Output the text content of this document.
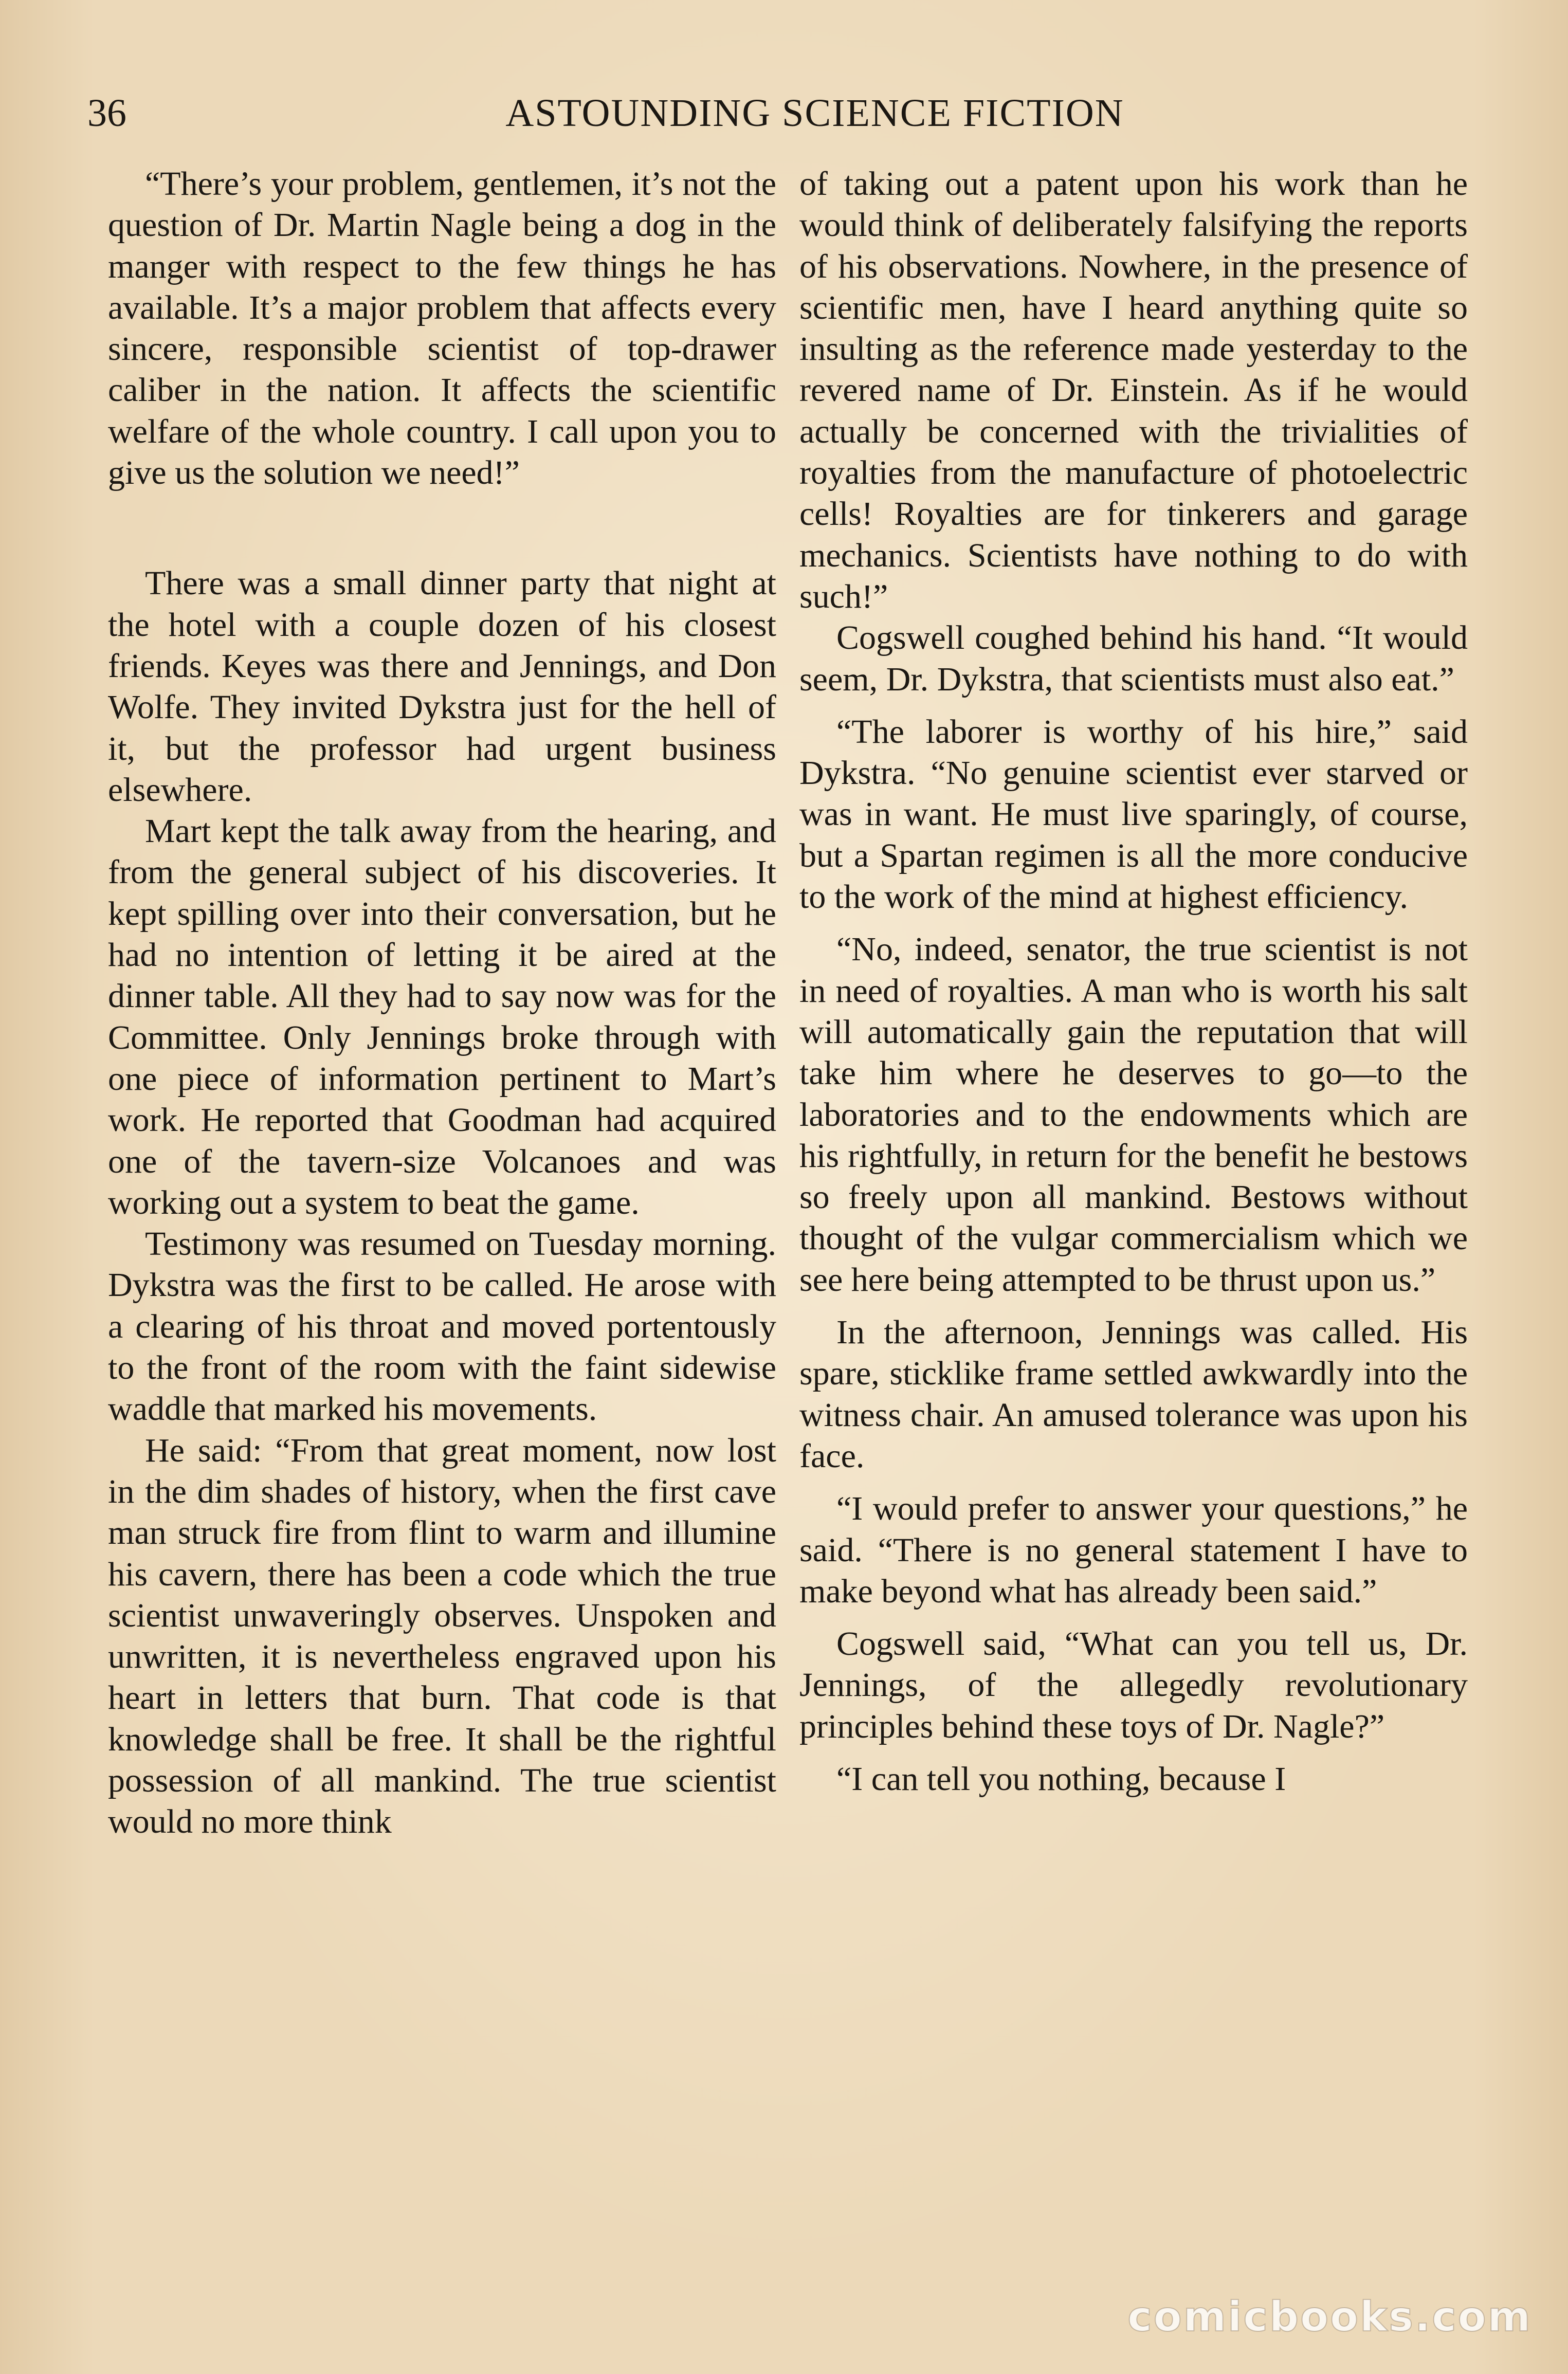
36	ASTOUNDING SCIENCE FICTION

“There’s your problem, gentlemen, it’s not the question of Dr. Martin Nagle being a dog in the manger with respect to the few things he has available. It’s a major problem that affects every sincere, responsible scientist of top-drawer caliber in the nation. It affects the scientific welfare of the whole country. I call upon you to give us the solution we need!”

There was a small dinner party that night at the hotel with a couple dozen of his closest friends. Keyes was there and Jennings, and Don Wolfe. They invited Dykstra just for the hell of it, but the professor had urgent business elsewhere.

Mart kept the talk away from the hearing, and from the general subject of his discoveries. It kept spilling over into their conversation, but he had no intention of letting it be aired at the dinner table. All they had to say now was for the Committee. Only Jennings broke through with one piece of information pertinent to Mart’s work. He reported that Goodman had acquired one of the tavern-size Volcanoes and was working out a system to beat the game.

Testimony was resumed on Tuesday morning. Dykstra was the first to be called. He arose with a clearing of his throat and moved portentously to the front of the room with the faint sidewise waddle that marked his movements.

He said: “From that great moment, now lost in the dim shades of history, when the first cave man struck fire from flint to warm and illumine his cavern, there has been a code which the true scientist unwaveringly observes. Unspoken and unwritten, it is nevertheless engraved upon his heart in letters that burn. That code is that knowledge shall be free. It shall be the rightful possession of all mankind. The true scientist would no more think

of taking out a patent upon his work than he would think of deliberately falsifying the reports of his observations. Nowhere, in the presence of scientific men, have I heard anything quite so insulting as the reference made yesterday to the revered name of Dr. Einstein. As if he would actually be concerned with the trivialities of royalties from the manufacture of photoelectric cells! Royalties are for tinkerers and garage mechanics. Scientists have nothing to do with such!”

Cogswell coughed behind his hand. “It would seem, Dr. Dykstra, that scientists must also eat.”

“The laborer is worthy of his hire,” said Dykstra. “No genuine scientist ever starved or was in want. He must live sparingly, of course, but a Spartan regimen is all the more conducive to the work of the mind at highest efficiency.

“No, indeed, senator, the true scientist is not in need of royalties. A man who is worth his salt will automatically gain the reputation that will take him where he deserves to go—to the laboratories and to the endowments which are his rightfully, in return for the benefit he bestows so freely upon all mankind. Bestows without thought of the vulgar commercialism which we see here being attempted to be thrust upon us.”

In the afternoon, Jennings was called. His spare, sticklike frame settled awkwardly into the witness chair. An amused tolerance was upon his face.

“I would prefer to answer your questions,” he said. “There is no general statement I have to make beyond what has already been said.”

Cogswell said, “What can you tell us, Dr. Jennings, of the allegedly revolutionary principles behind these toys of Dr. Nagle?”

“I can tell you nothing, because I

comicbooks.com
